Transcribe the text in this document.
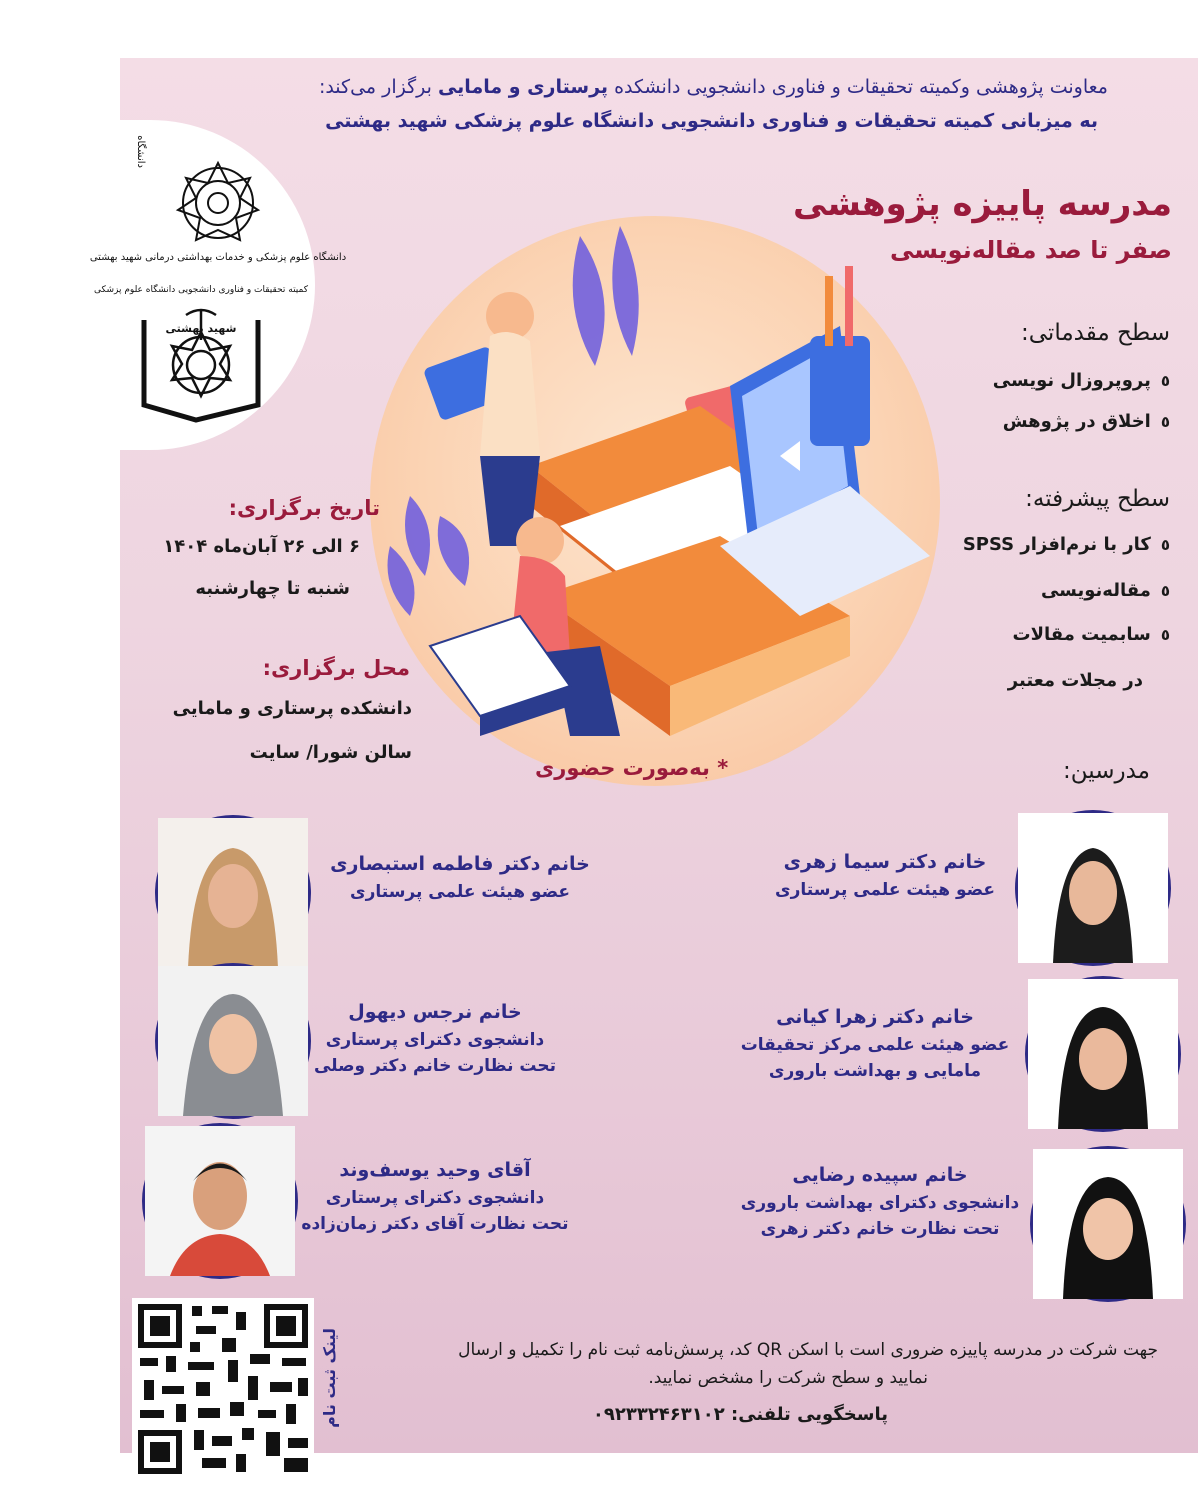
معاونت پژوهشی وکمیته تحقیقات و فناوری دانشجویی دانشکده پرستاری و مامایی برگزار می‌کند:
به میزبانی کمیته تحقیقات و فناوری دانشجویی دانشگاه علوم پزشکی شهید بهشتی
دانشگاه
دانشگاه علوم پزشکی و خدمات بهداشتی درمانی شهید بهشتی
کمیته تحقیقات و فناوری دانشجویی دانشگاه علوم پزشکی
شهید بهشتی
مدرسه پاییزه پژوهشی
صفر تا صد مقاله‌نویسی
سطح مقدماتی:
٥
پروپروزال نویسی
٥
اخلاق در پژوهش
سطح پیشرفته:
٥
کار با نرم‌افزار SPSS
٥
مقاله‌نویسی
٥
سابمیت مقالات
در مجلات معتبر
تاریخ برگزاری:
۶ الی ۲۶ آبان‌ماه ۱۴۰۴
شنبه تا چهارشنبه
محل برگزاری:
دانشکده پرستاری و مامایی
سالن شورا/ سایت
* به‌صورت حضوری	مدرسین:
خانم دکتر سیما زهری
عضو هیئت علمی پرستاری
خانم دکتر فاطمه استبصاری
عضو هیئت علمی پرستاری
خانم دکتر زهرا کیانی
عضو هیئت علمی مرکز تحقیقات
مامایی و بهداشت باروری
خانم نرجس دیهول
دانشجوی دکترای پرستاری
تحت نظارت خانم دکتر وصلی
خانم سپیده رضایی
دانشجوی دکترای بهداشت باروری
تحت نظارت خانم دکتر زهری
آقای وحید یوسف‌وند
دانشجوی دکترای پرستاری
تحت نظارت آقای دکتر زمان‌زاده
لینک ثبت نام	جهت شرکت در مدرسه پاییزه ضروری است با اسکن QR کد، پرسش‌نامه ثبت نام را تکمیل و ارسال
نمایید و سطح شرکت را مشخص نمایید.
پاسخگویی تلفنی: ۰۹۲۳۳۲۴۶۳۱۰۲
